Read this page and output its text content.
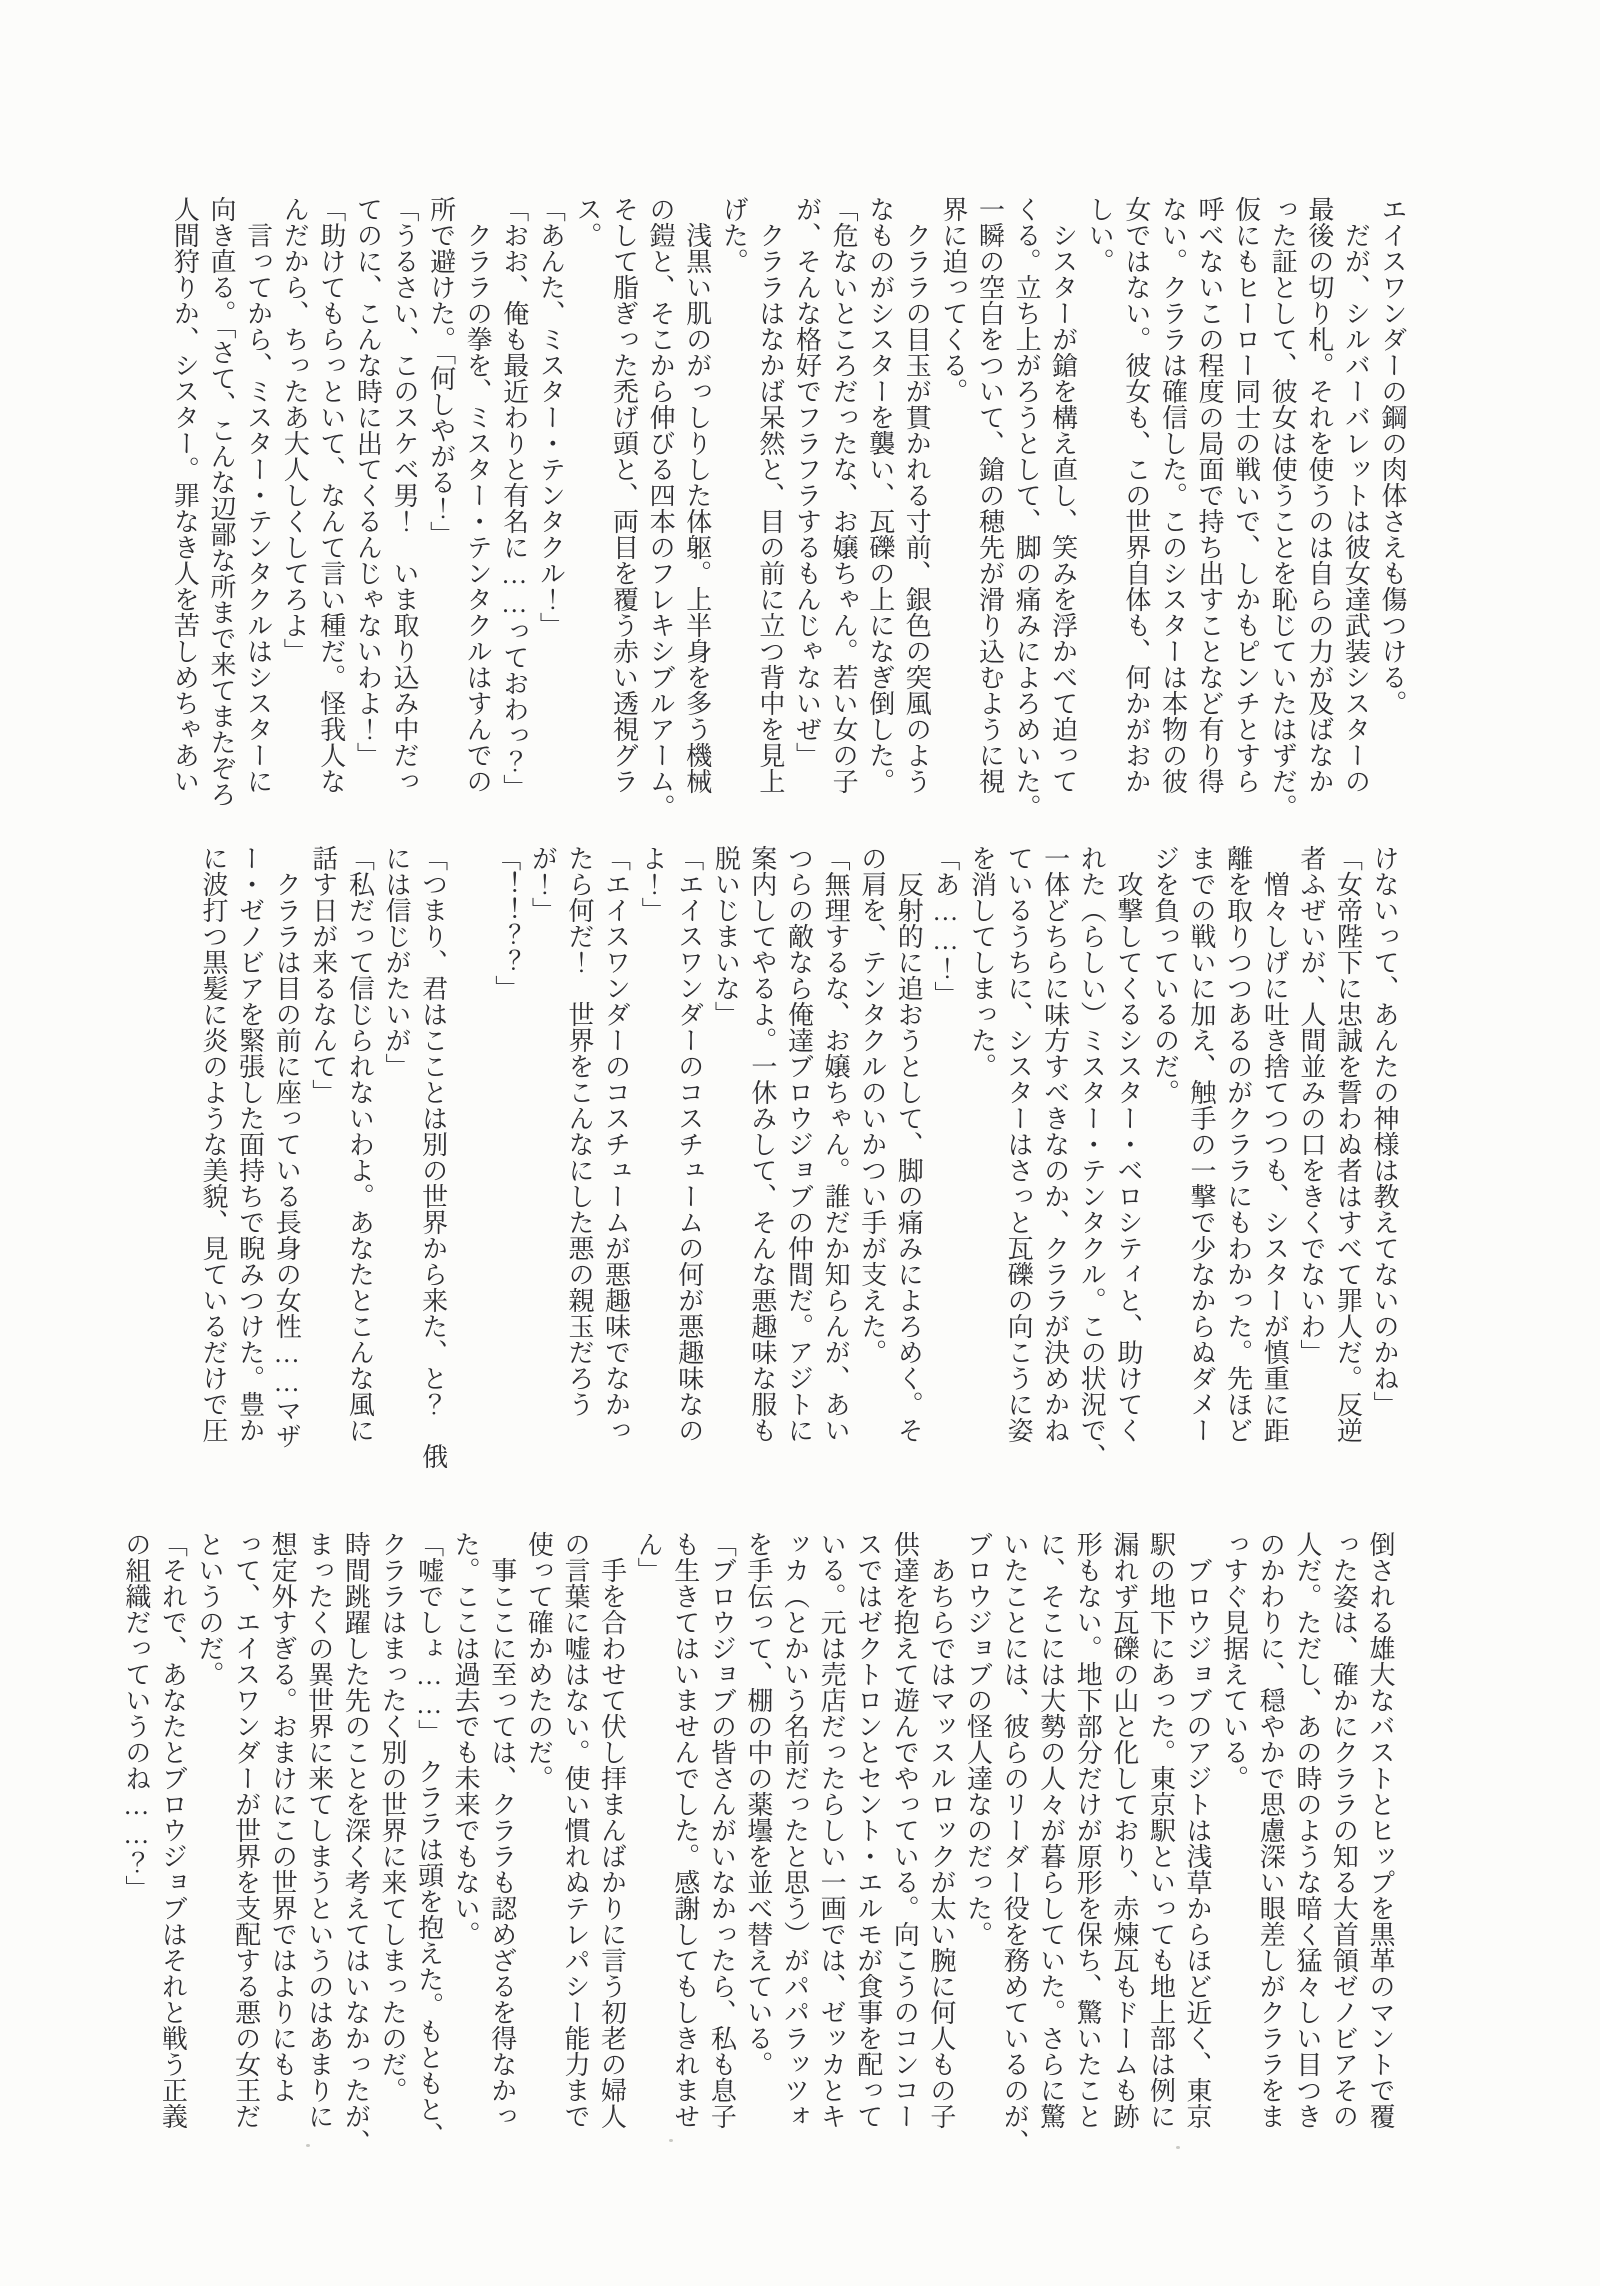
エイスワンダーの鋼の肉体さえも傷つける。
　だが、シルバーバレットは彼女達武装シスターの
最後の切り札。それを使うのは自らの力が及ばなか
った証として、彼女は使うことを恥じていたはずだ。
仮にもヒーロー同士の戦いで、しかもピンチとすら
呼べないこの程度の局面で持ち出すことなど有り得
ない。クララは確信した。このシスターは本物の彼
女ではない。彼女も、この世界自体も、何かがおか
しい。
　シスターが鎗を構え直し、笑みを浮かべて迫って
くる。立ち上がろうとして、脚の痛みによろめいた。
一瞬の空白をついて、鎗の穂先が滑り込むように視
界に迫ってくる。
　クララの目玉が貫かれる寸前、銀色の突風のよう
なものがシスターを襲い、瓦礫の上になぎ倒した。
「危ないところだったな、お嬢ちゃん。若い女の子
が、そんな格好でフラフラするもんじゃないぜ」
　クララはなかば呆然と、目の前に立つ背中を見上
げた。
　浅黒い肌のがっしりした体躯。上半身を多う機械
の鎧と、そこから伸びる四本のフレキシブルアーム。
そして脂ぎった禿げ頭と、両目を覆う赤い透視グラ
ス。
「あんた、ミスター・テンタクル！」
「おお、俺も最近わりと有名に……っておわっ？」
　クララの拳を、ミスター・テンタクルはすんでの
所で避けた。「何しやがる！」
「うるさい、このスケベ男！　いま取り込み中だっ
てのに、こんな時に出てくるんじゃないわよ！」
「助けてもらっといて、なんて言い種だ。怪我人な
んだから、ちったあ大人しくしてろよ」
　言ってから、ミスター・テンタクルはシスターに
向き直る。「さて、こんな辺鄙な所まで来てまたぞろ
人間狩りか、シスター。罪なき人を苦しめちゃあい
けないって、あんたの神様は教えてないのかね」
「女帝陛下に忠誠を誓わぬ者はすべて罪人だ。反逆
者ふぜいが、人間並みの口をきくでないわ」
　憎々しげに吐き捨てつつも、シスターが慎重に距
離を取りつつあるのがクララにもわかった。先ほど
までの戦いに加え、触手の一撃で少なからぬダメー
ジを負っているのだ。
　攻撃してくるシスター・ベロシティと、助けてく
れた（らしい）ミスター・テンタクル。この状況で、
一体どちらに味方すべきなのか、クララが決めかね
ているうちに、シスターはさっと瓦礫の向こうに姿
を消してしまった。
「あ……！」
　反射的に追おうとして、脚の痛みによろめく。そ
の肩を、テンタクルのいかつい手が支えた。
「無理するな、お嬢ちゃん。誰だか知らんが、あい
つらの敵なら俺達ブロウジョブの仲間だ。アジトに
案内してやるよ。一休みして、そんな悪趣味な服も
脱いじまいな」
「エイスワンダーのコスチュームの何が悪趣味なの
よ！」
「エイスワンダーのコスチュームが悪趣味でなかっ
たら何だ！　世界をこんなにした悪の親玉だろう
が！」
「！！？？」

「つまり、君はこことは別の世界から来た、と？　俄
には信じがたいが」
「私だって信じられないわよ。あなたとこんな風に
話す日が来るなんて」
　クララは目の前に座っている長身の女性……マザ
ー・ゼノビアを緊張した面持ちで睨みつけた。豊か
に波打つ黒髪に炎のような美貌、見ているだけで圧
倒される雄大なバストとヒップを黒革のマントで覆
った姿は、確かにクララの知る大首領ゼノビアその
人だ。ただし、あの時のような暗く猛々しい目つき
のかわりに、穏やかで思慮深い眼差しがクララをま
っすぐ見据えている。
　ブロウジョブのアジトは浅草からほど近く、東京
駅の地下にあった。東京駅といっても地上部は例に
漏れず瓦礫の山と化しており、赤煉瓦もドームも跡
形もない。地下部分だけが原形を保ち、驚いたこと
に、そこには大勢の人々が暮らしていた。さらに驚
いたことには、彼らのリーダー役を務めているのが、
ブロウジョブの怪人達なのだった。
　あちらではマッスルロックが太い腕に何人もの子
供達を抱えて遊んでやっている。向こうのコンコー
スではゼクトロンとセント・エルモが食事を配って
いる。元は売店だったらしい一画では、ゼッカとキ
ッカ（とかいう名前だったと思う）がパパラッツォ
を手伝って、棚の中の薬壜を並べ替えている。
「ブロウジョブの皆さんがいなかったら、私も息子
も生きてはいませんでした。感謝してもしきれませ
ん」
　手を合わせて伏し拝まんばかりに言う初老の婦人
の言葉に嘘はない。使い慣れぬテレパシー能力まで
使って確かめたのだ。
　事ここに至っては、クララも認めざるを得なかっ
た。ここは過去でも未来でもない。
「嘘でしょ……」　クララは頭を抱えた。もともと、
クララはまったく別の世界に来てしまったのだ。
時間跳躍した先のことを深く考えてはいなかったが、
まったくの異世界に来てしまうというのはあまりに
想定外すぎる。おまけにこの世界ではよりにもよ
って、エイスワンダーが世界を支配する悪の女王だ
というのだ。
「それで、あなたとブロウジョブはそれと戦う正義
の組織だっていうのね……？」
